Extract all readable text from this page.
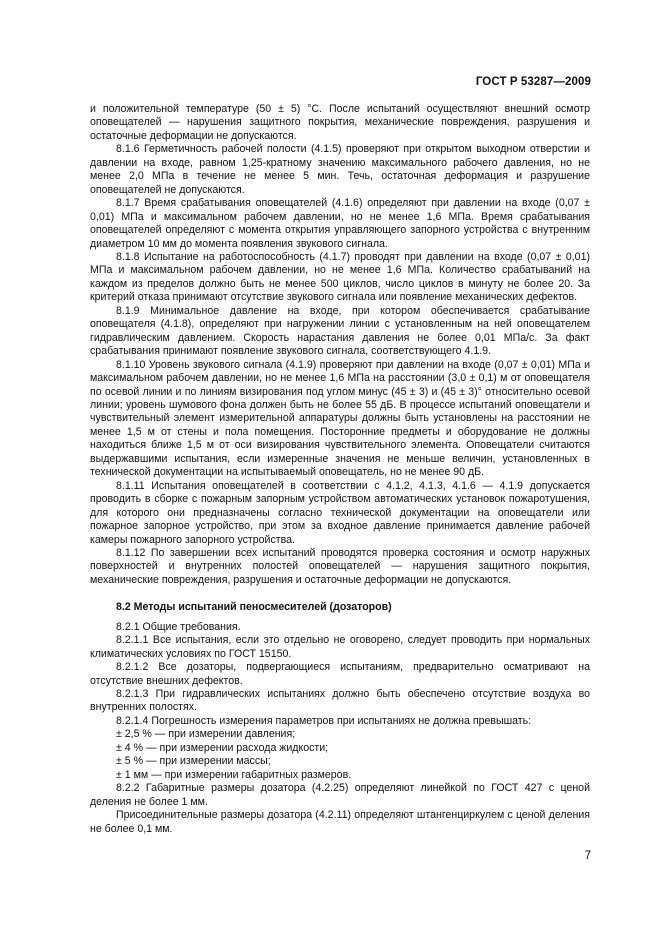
ГОСТ Р 53287—2009

и положительной температуре (50 ± 5) °С. После испытаний осуществляют внешний осмотр оповещателей — нарушения защитного покрытия, механические повреждения, разрушения и остаточные деформации не допускаются.

8.1.6 Герметичность рабочей полости (4.1.5) проверяют при открытом выходном отверстии и давлении на входе, равном 1,25-кратному значению максимального рабочего давления, но не менее 2,0 МПа в течение не менее 5 мин. Течь, остаточная деформация и разрушение оповещателей не допускаются.

8.1.7 Время срабатывания оповещателей (4.1.6) определяют при давлении на входе (0,07 ± 0,01) МПа и максимальном рабочем давлении, но не менее 1,6 МПа. Время срабатывания оповещателей определяют с момента открытия управляющего запорного устройства с внутренним диаметром 10 мм до момента появления звукового сигнала.

8.1.8 Испытание на работоспособность (4.1.7) проводят при давлении на входе (0,07 ± 0,01) МПа и максимальном рабочем давлении, но не менее 1,6 МПа. Количество срабатываний на каждом из пределов должно быть не менее 500 циклов, число циклов в минуту не более 20. За критерий отказа принимают отсутствие звукового сигнала или появление механических дефектов.

8.1.9 Минимальное давление на входе, при котором обеспечивается срабатывание оповещателя (4.1.8), определяют при нагружении линии с установленным на ней оповещателем гидравлическим давлением. Скорость нарастания давления не более 0,01 МПа/с. За факт срабатывания принимают появление звукового сигнала, соответствующего 4.1.9.

8.1.10 Уровень звукового сигнала (4.1.9) проверяют при давлении на входе (0,07 ± 0,01) МПа и максимальном рабочем давлении, но не менее 1,6 МПа на расстоянии (3,0 ± 0,1) м от оповещателя по осевой линии и по линиям визирования под углом минус (45 ± 3) и (45 ± 3)° относительно осевой линии; уровень шумового фона должен быть не более 55 дБ. В процессе испытаний оповещатели и чувствительный элемент измерительной аппаратуры должны быть установлены на расстоянии не менее 1,5 м от стены и пола помещения. Посторонние предметы и оборудование не должны находиться ближе 1,5 м от оси визирования чувствительного элемента. Оповещатели считаются выдержавшими испытания, если измеренные значения не меньше величин, установленных в технической документации на испытываемый оповещатель, но не менее 90 дБ.

8.1.11 Испытания оповещателей в соответствии с 4.1.2, 4.1.3, 4.1.6 — 4.1.9 допускается проводить в сборке с пожарным запорным устройством автоматических установок пожаротушения, для которого они предназначены согласно технической документации на оповещатели или пожарное запорное устройство, при этом за входное давление принимается давление рабочей камеры пожарного запорного устройства.

8.1.12 По завершении всех испытаний проводятся проверка состояния и осмотр наружных поверхностей и внутренних полостей оповещателей — нарушения защитного покрытия, механические повреждения, разрушения и остаточные деформации не допускаются.

8.2 Методы испытаний пеносмесителей (дозаторов)

8.2.1 Общие требования.

8.2.1.1 Все испытания, если это отдельно не оговорено, следует проводить при нормальных климатических условиях по ГОСТ 15150.

8.2.1.2 Все дозаторы, подвергающиеся испытаниям, предварительно осматривают на отсутствие внешних дефектов.

8.2.1.3 При гидравлических испытаниях должно быть обеспечено отсутствие воздуха во внутренних полостях.

8.2.1.4 Погрешность измерения параметров при испытаниях не должна превышать:

± 2,5 % — при измерении давления;
± 4 % — при измерении расхода жидкости;
± 5 % — при измерении массы;
± 1 мм — при измерении габаритных размеров.

8.2.2 Габаритные размеры дозатора (4.2.25) определяют линейкой по ГОСТ 427 с ценой деления не более 1 мм.

Присоединительные размеры дозатора (4.2.11) определяют штангенциркулем с ценой деления не более 0,1 мм.

7
